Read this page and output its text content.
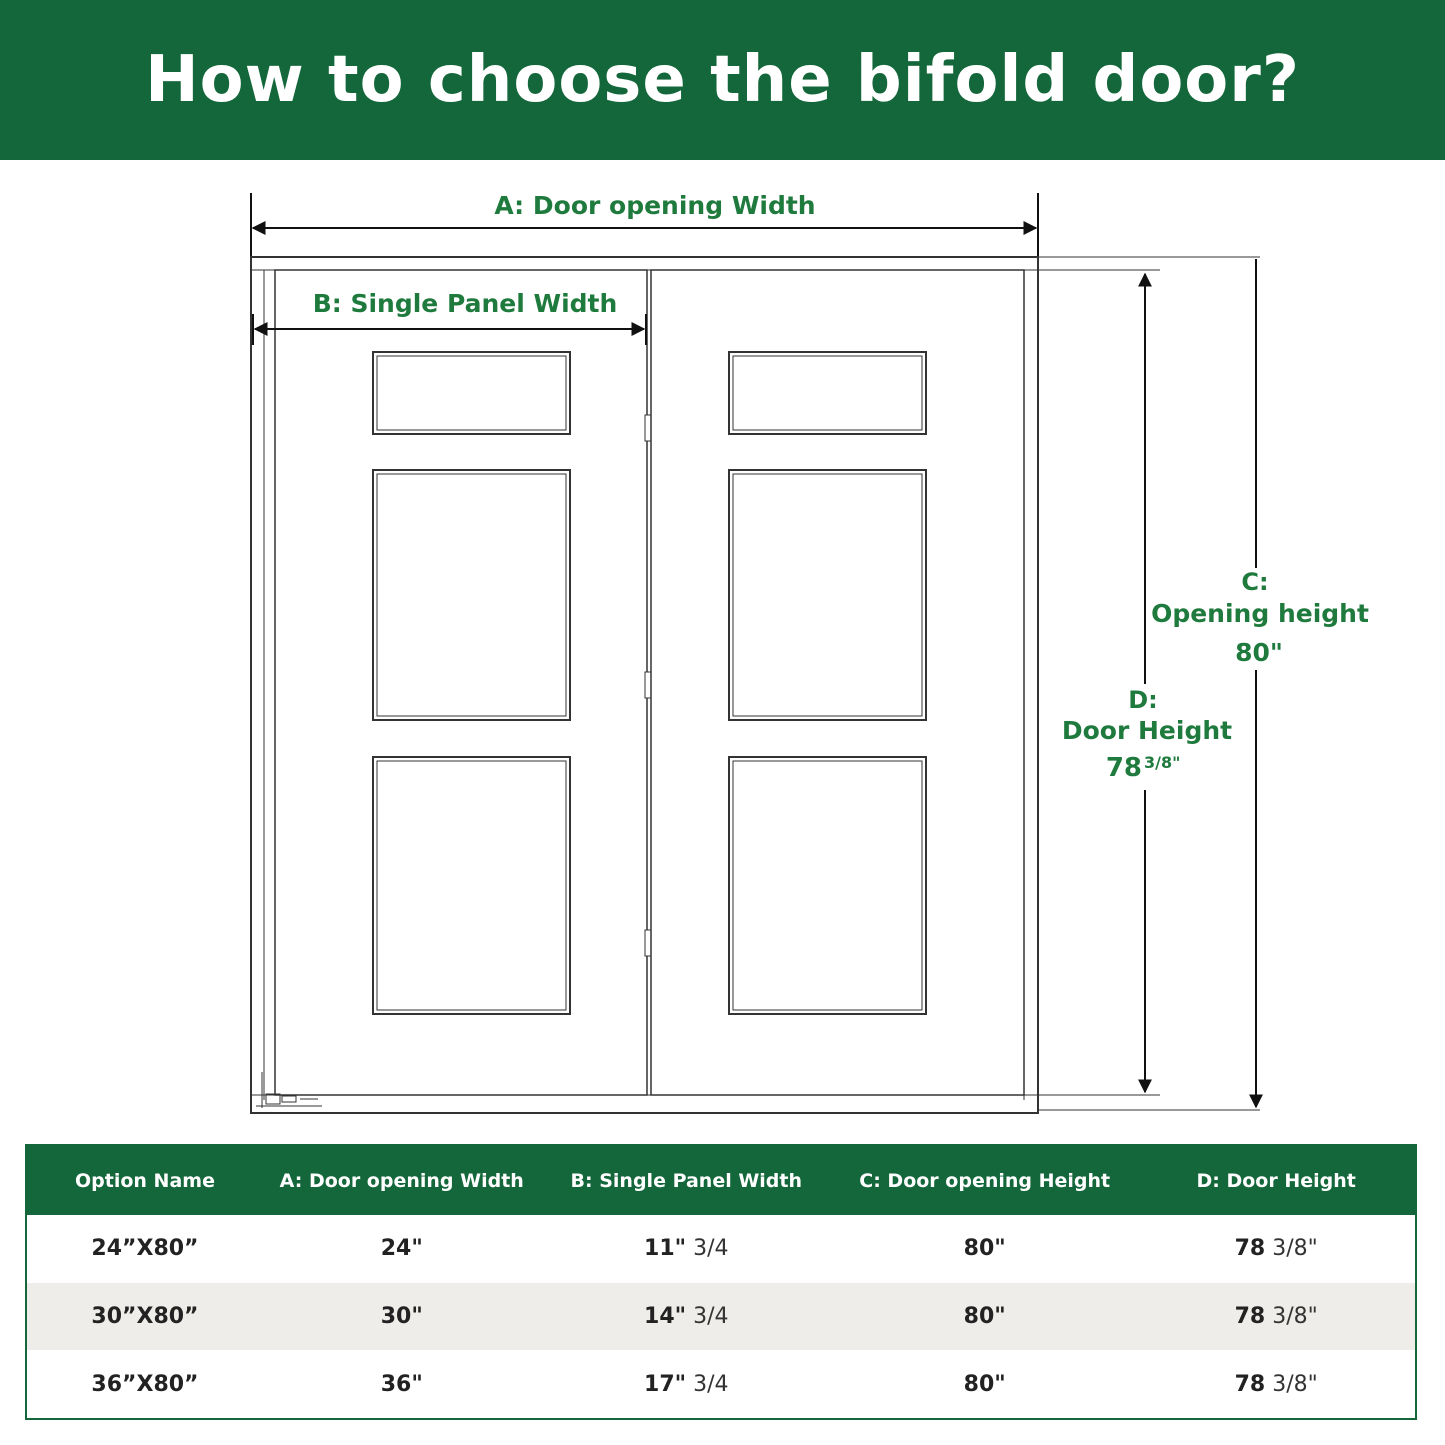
How to choose the bifold door?
A: Door opening Width
B: Single Panel Width
D:
Door Height
78 3/8"
C:
Opening height
80"
Option Name	A: Door opening Width	B: Single Panel Width	C: Door opening Height	D: Door Height
24”X80”	24"	11" 3/4	80"	78 3/8"
30”X80”	30"	14" 3/4	80"	78 3/8"
36”X80”	36"	17" 3/4	80"	78 3/8"
